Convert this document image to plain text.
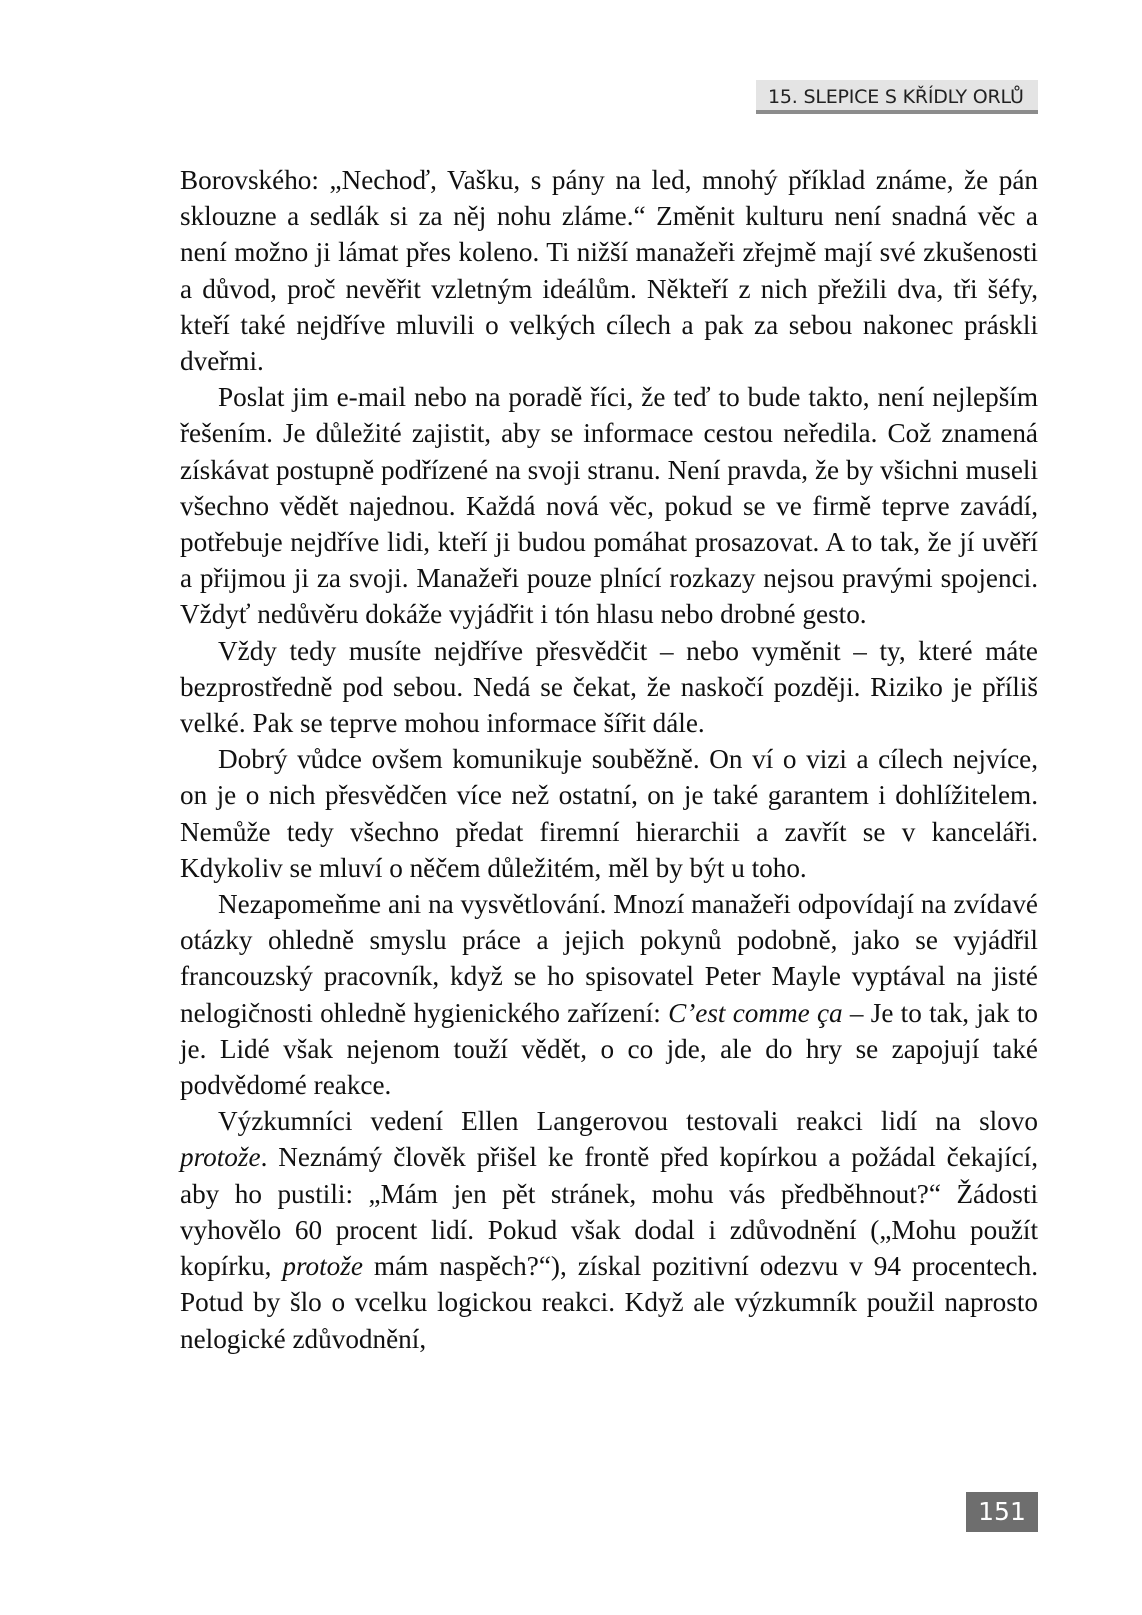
15. SLEPICE S KŘÍDLY ORLŮ

Borovského: „Nechoď, Vašku, s pány na led, mnohý příklad známe, že pán sklouzne a sedlák si za něj nohu zláme.“ Změnit kulturu není snadná věc a není možno ji lámat přes koleno. Ti nižší manažeři zřejmě mají své zkušenosti a důvod, proč nevěřit vzletným ideálům. Někteří z nich přežili dva, tři šéfy, kteří také nejdříve mluvili o velkých cílech a pak za sebou nakonec práskli dveřmi.

Poslat jim e-mail nebo na poradě říci, že teď to bude takto, není nejlepším řešením. Je důležité zajistit, aby se informace cestou neředila. Což znamená získávat postupně podřízené na svoji stranu. Není pravda, že by všichni museli všechno vědět najednou. Každá nová věc, pokud se ve firmě teprve zavádí, potřebuje nejdříve lidi, kteří ji budou pomáhat prosazovat. A to tak, že jí uvěří a přijmou ji za svoji. Manažeři pouze plnící rozkazy nejsou pravými spojenci. Vždyť nedůvěru dokáže vyjádřit i tón hlasu nebo drobné gesto.

Vždy tedy musíte nejdříve přesvědčit – nebo vyměnit – ty, které máte bezprostředně pod sebou. Nedá se čekat, že naskočí později. Riziko je příliš velké. Pak se teprve mohou informace šířit dále.

Dobrý vůdce ovšem komunikuje souběžně. On ví o vizi a cílech nejvíce, on je o nich přesvědčen více než ostatní, on je také garantem i dohlížitelem. Nemůže tedy všechno předat firemní hierarchii a zavřít se v kanceláři. Kdykoliv se mluví o něčem důležitém, měl by být u toho.

Nezapomeňme ani na vysvětlování. Mnozí manažeři odpovídají na zvídavé otázky ohledně smyslu práce a jejich pokynů podobně, jako se vyjádřil francouzský pracovník, když se ho spisovatel Peter Mayle vyptával na jisté nelogičnosti ohledně hygienického zařízení: C’est comme ça – Je to tak, jak to je. Lidé však nejenom touží vědět, o co jde, ale do hry se zapojují také podvědomé reakce.

Výzkumníci vedení Ellen Langerovou testovali reakci lidí na slovo protože. Neznámý člověk přišel ke frontě před kopírkou a požádal čekající, aby ho pustili: „Mám jen pět stránek, mohu vás předběhnout?“ Žádosti vyhovělo 60 procent lidí. Pokud však dodal i zdůvodnění („Mohu použít kopírku, protože mám naspěch?“), získal pozitivní odezvu v 94 procentech. Potud by šlo o vcelku logickou reakci. Když ale výzkumník použil naprosto nelogické zdůvodnění,

151
